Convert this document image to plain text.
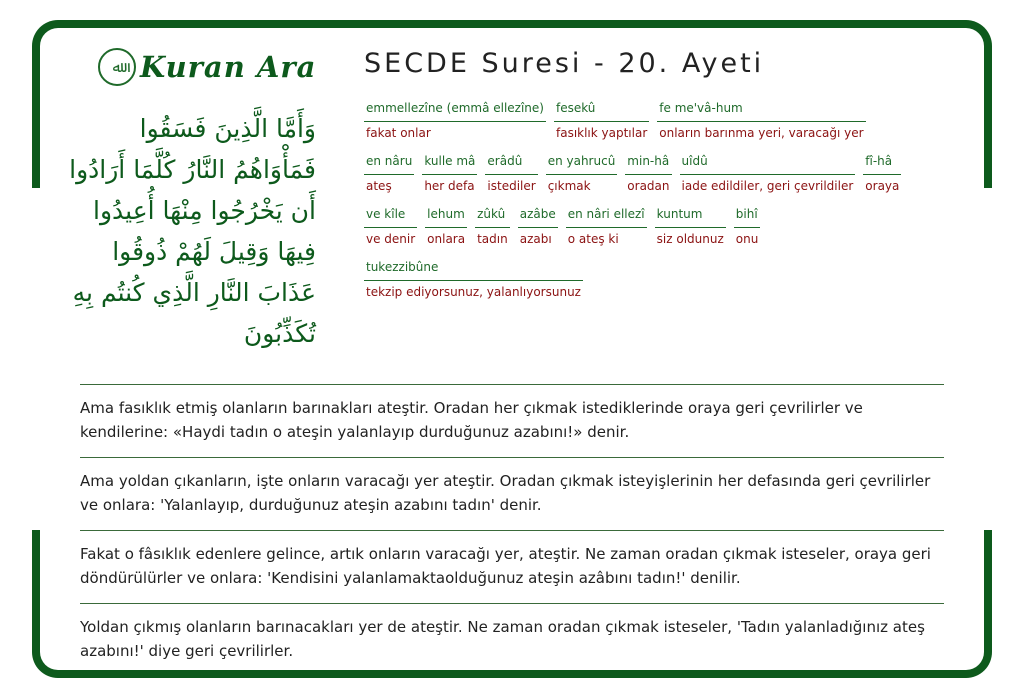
ﷲ Kuran Ara
وَأَمَّا الَّذِينَ فَسَقُوا
فَمَأْوَاهُمُ النَّارُ كُلَّمَا أَرَادُوا
أَن يَخْرُجُوا مِنْهَا أُعِيدُوا
فِيهَا وَقِيلَ لَهُمْ ذُوقُوا
عَذَابَ النَّارِ الَّذِي كُنتُم بِهِ
تُكَذِّبُونَ
SECDE Suresi - 20. Ayeti
emmellezîne (emmâ ellezîne)
fakat onlar
fesekû
fasıklık yaptılar
fe me'vâ-hum
onların barınma yeri, varacağı yer
en nâru
ateş
kulle mâ
her defa
erâdû
istediler
en yahrucû
çıkmak
min-hâ
oradan
uîdû
iade edildiler, geri çevrildiler
fî-hâ
oraya
ve kîle
ve denir
lehum
onlara
zûkû
tadın
azâbe
azabı
en nâri ellezî
o ateş ki
kuntum
siz oldunuz
bihî
onu
tukezzibûne
tekzip ediyorsunuz, yalanlıyorsunuz
Ama fasıklık etmiş olanların barınakları ateştir. Oradan her çıkmak istediklerinde oraya geri çevrilirler ve kendilerine: «Haydi tadın o ateşin yalanlayıp durduğunuz azabını!» denir.
Ama yoldan çıkanların, işte onların varacağı yer ateştir. Oradan çıkmak isteyişlerinin her defasında geri çevrilirler ve onlara: 'Yalanlayıp, durduğunuz ateşin azabını tadın' denir.
Fakat o fâsıklık edenlere gelince, artık onların varacağı yer, ateştir. Ne zaman oradan çıkmak isteseler, oraya geri döndürülürler ve onlara: 'Kendisini yalanlamaktaolduğunuz ateşin azâbını tadın!' denilir.
Yoldan çıkmış olanların barınacakları yer de ateştir. Ne zaman oradan çıkmak isteseler, 'Tadın yalanladığınız ateş azabını!' diye geri çevrilirler.
